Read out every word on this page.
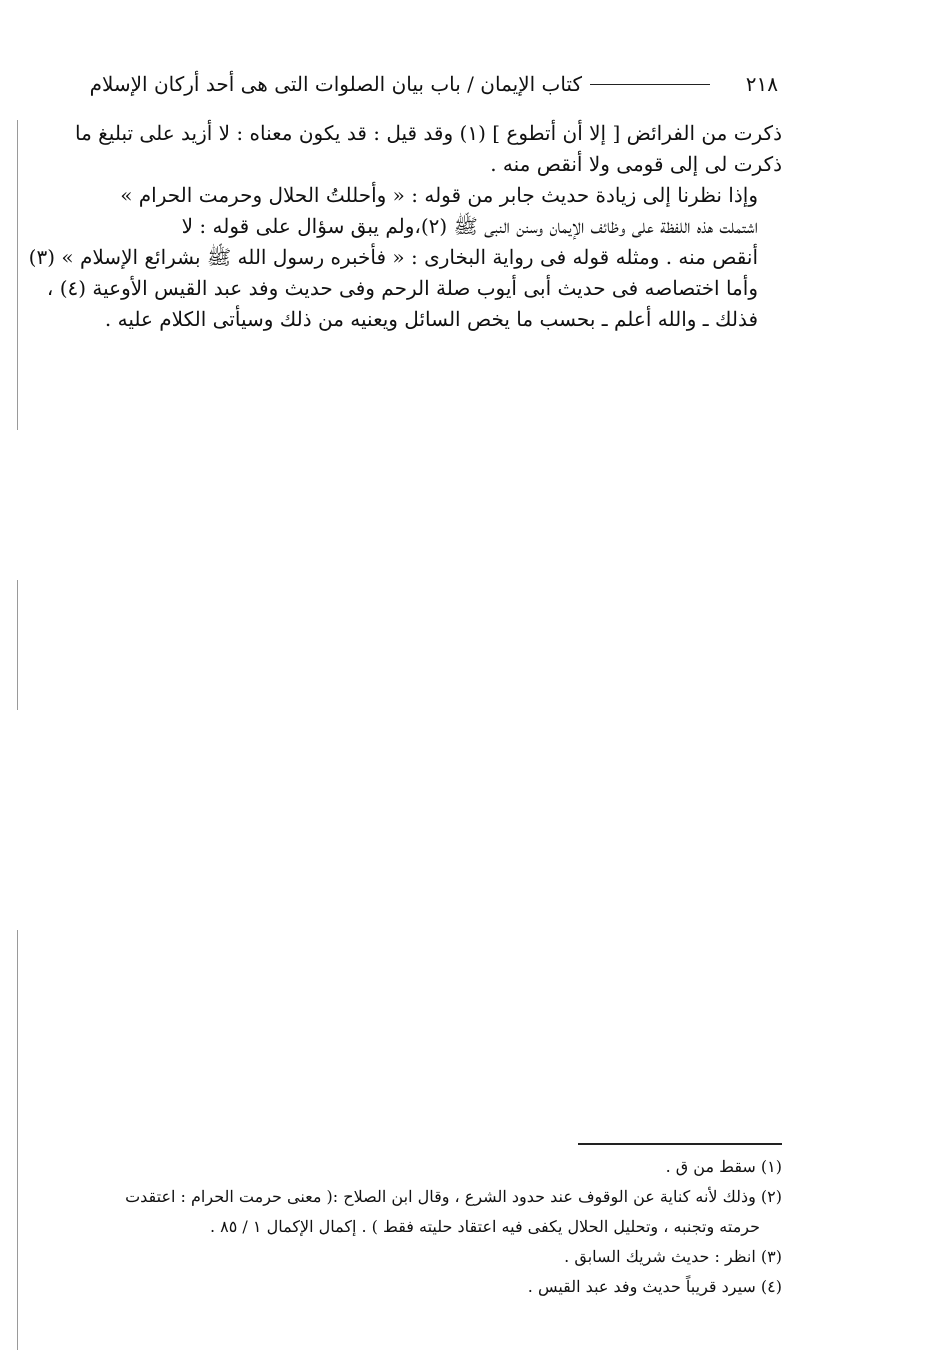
٢١٨
كتاب الإيمان / باب بيان الصلوات التى هى أحد أركان الإسلام

ذكرت من الفرائض [ إلا أن أتطوع ] (١) وقد قيل : قد يكون معناه : لا أزيد على تبليغ ما
ذكرت لى إلى قومى ولا أنقص منه .

وإذا نظرنا إلى زيادة حديث جابر من قوله : « وأحللتُ الحلال وحرمت الحرام »
اشتملت هذه اللفظة على وظائف الإيمان وسنن النبى ﷺ (٢)،ولم يبق سؤال على قوله : لا
أنقص منه . ومثله قوله فى رواية البخارى : « فأخبره رسول الله ﷺ بشرائع الإسلام » (٣)
وأما اختصاصه فى حديث أبى أيوب صلة الرحم وفى حديث وفد عبد القيس الأوعية (٤) ،
فذلك ـ والله أعلم ـ بحسب ما يخص السائل ويعنيه من ذلك وسيأتى الكلام عليه .

(١) سقط من ق .

(٢) وذلك لأنه كناية عن الوقوف عند حدود الشرع ، وقال ابن الصلاح :( معنى حرمت الحرام : اعتقدت
حرمته وتجنبه ، وتحليل الحلال يكفى فيه اعتقاد حليته فقط ) . إكمال الإكمال ١ / ٨٥ .

(٣) انظر : حديث شريك السابق .

(٤) سيرد قريباً حديث وفد عبد القيس .
